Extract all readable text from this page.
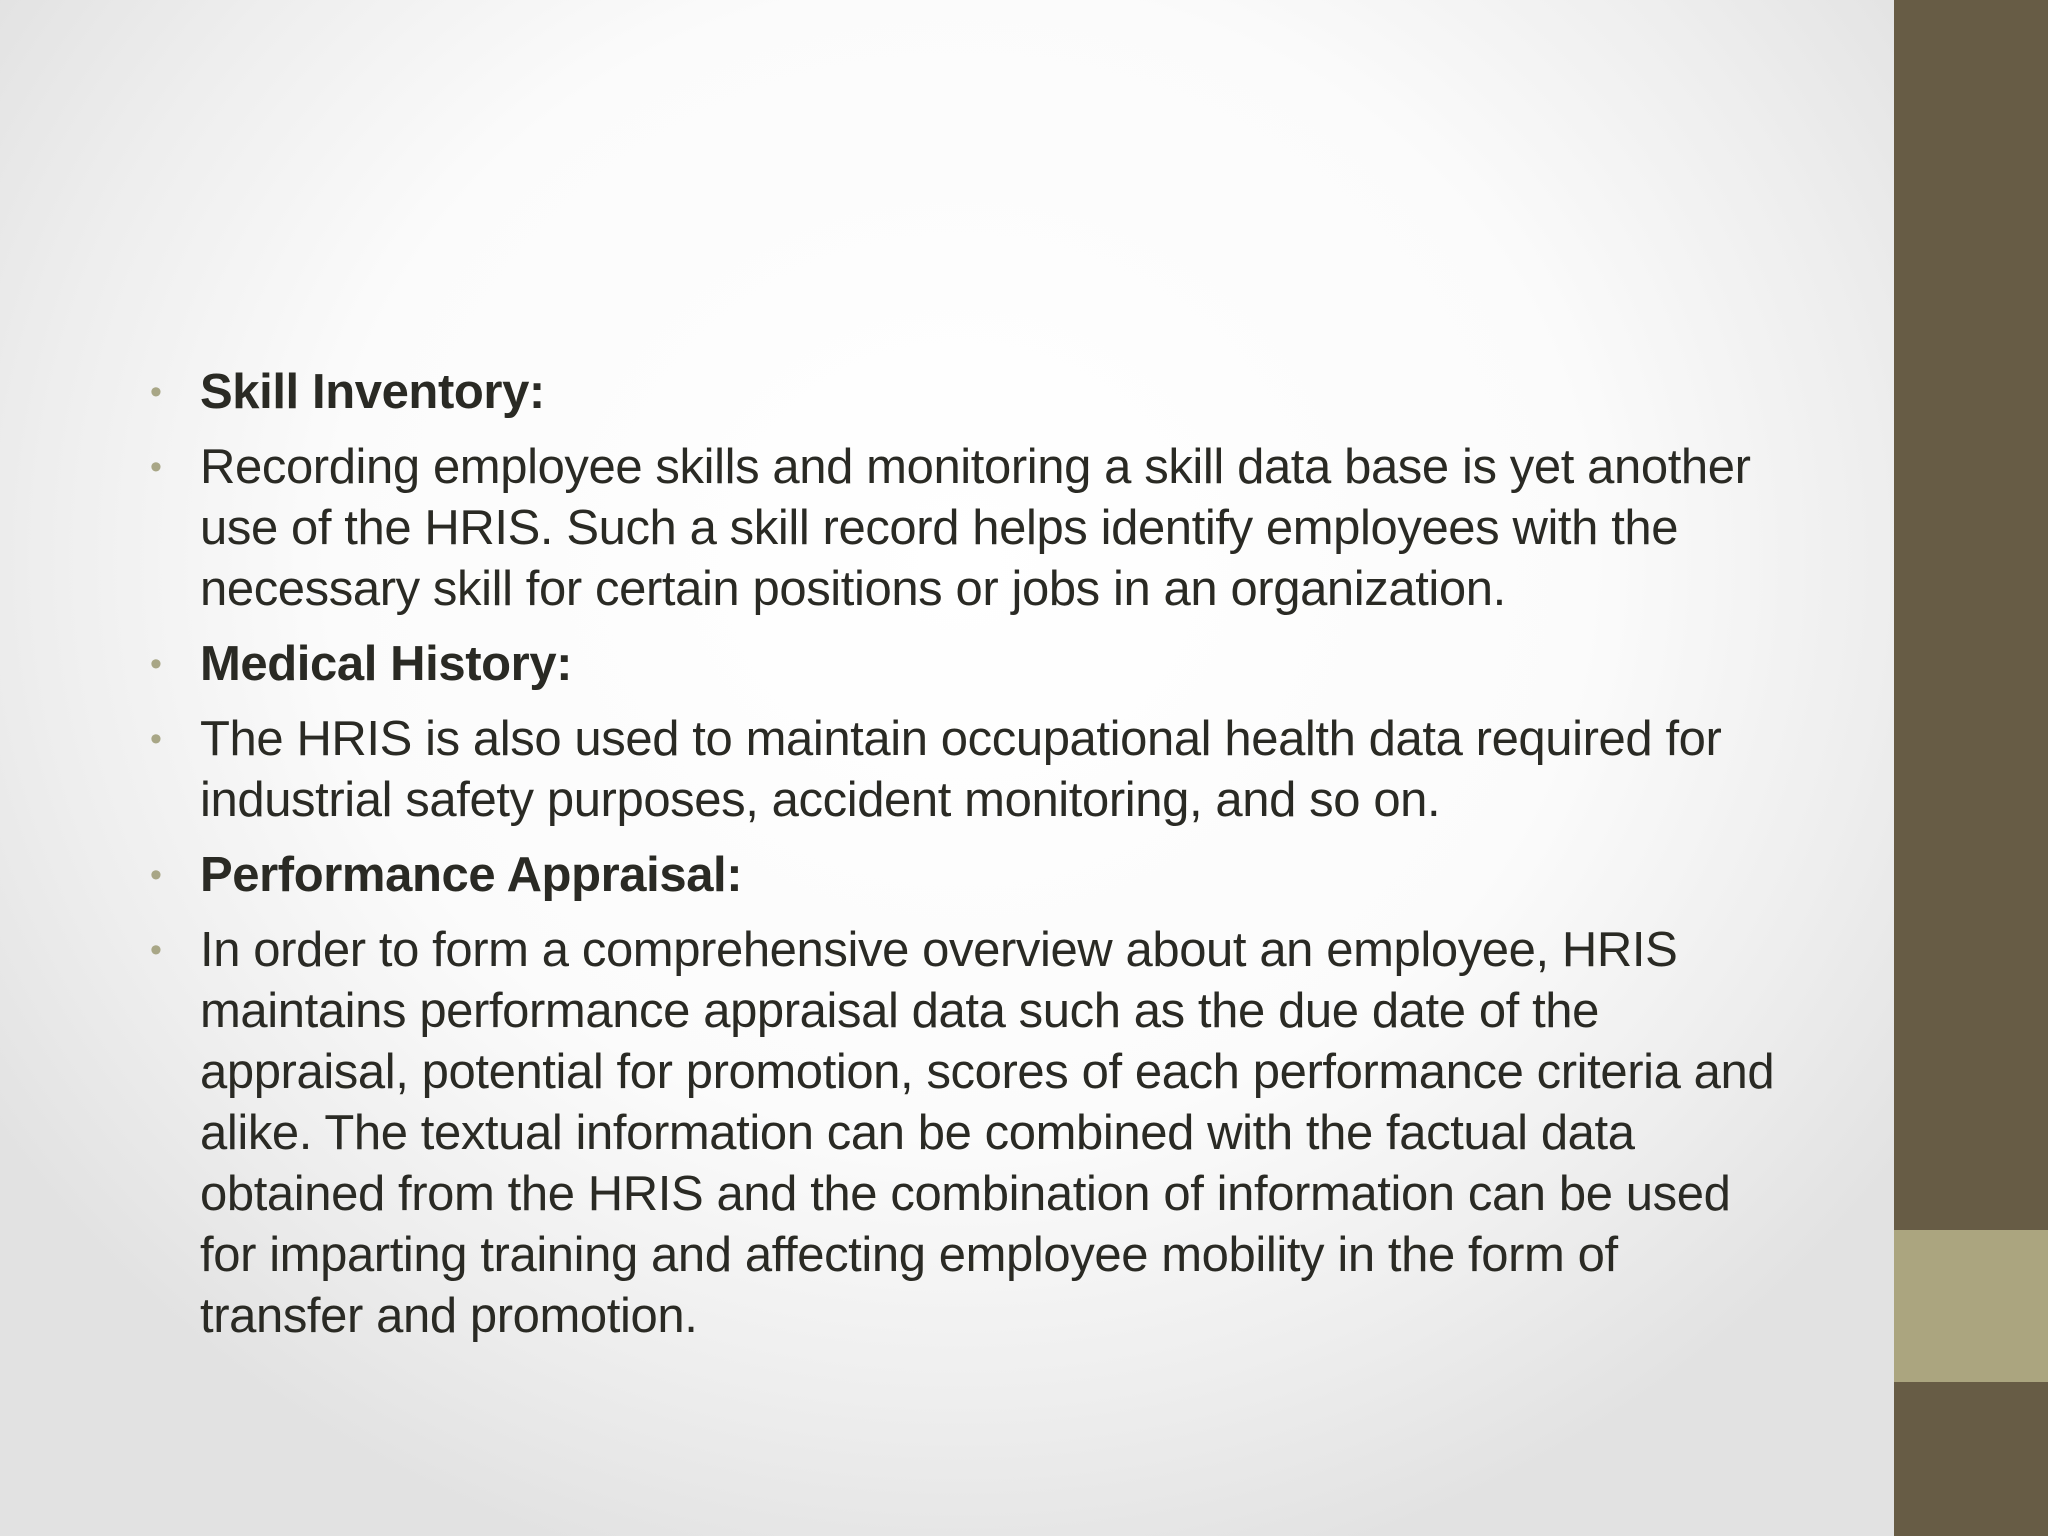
• Skill Inventory:
• Recording employee skills and monitoring a skill data base is yet another use of the HRIS. Such a skill record helps identify employees with the necessary skill for certain positions or jobs in an organization.
• Medical History:
• The HRIS is also used to maintain occupational health data required for industrial safety purposes, accident monitoring, and so on.
• Performance Appraisal:
• In order to form a comprehensive overview about an employee, HRIS maintains performance appraisal data such as the due date of the appraisal, potential for promotion, scores of each performance criteria and alike. The textual information can be combined with the factual data obtained from the HRIS and the combination of information can be used for imparting training and affecting employee mobility in the form of transfer and promotion.
